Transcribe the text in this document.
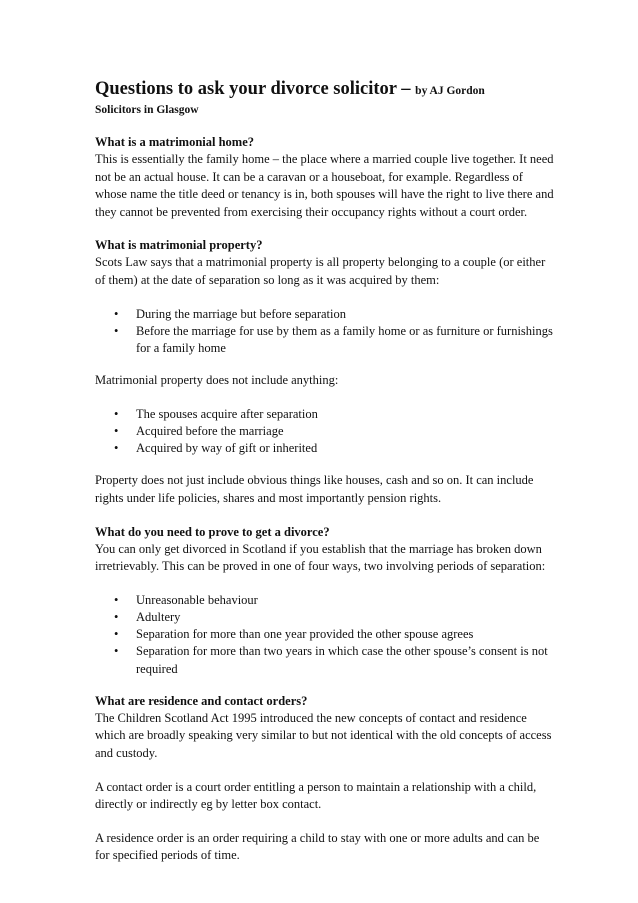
Questions to ask your divorce solicitor – by AJ Gordon
Solicitors in Glasgow
What is a matrimonial home?

This is essentially the family home – the place where a married couple live together. It need not be an actual house. It can be a caravan or a houseboat, for example. Regardless of whose name the title deed or tenancy is in, both spouses will have the right to live there and they cannot be prevented from exercising their occupancy rights without a court order.

What is matrimonial property?

Scots Law says that a matrimonial property is all property belonging to a couple (or either of them) at the date of separation so long as it was acquired by them:

• During the marriage but before separation
• Before the marriage for use by them as a family home or as furniture or furnishings for a family home

Matrimonial property does not include anything:

• The spouses acquire after separation
• Acquired before the marriage
• Acquired by way of gift or inherited

Property does not just include obvious things like houses, cash and so on. It can include rights under life policies, shares and most importantly pension rights.

What do you need to prove to get a divorce?

You can only get divorced in Scotland if you establish that the marriage has broken down irretrievably. This can be proved in one of four ways, two involving periods of separation:

• Unreasonable behaviour
• Adultery
• Separation for more than one year provided the other spouse agrees
• Separation for more than two years in which case the other spouse’s consent is not required
What are residence and contact orders?

The Children Scotland Act 1995 introduced the new concepts of contact and residence which are broadly speaking very similar to but not identical with the old concepts of access and custody.

A contact order is a court order entitling a person to maintain a relationship with a child, directly or indirectly eg by letter box contact.

A residence order is an order requiring a child to stay with one or more adults and can be for specified periods of time.
